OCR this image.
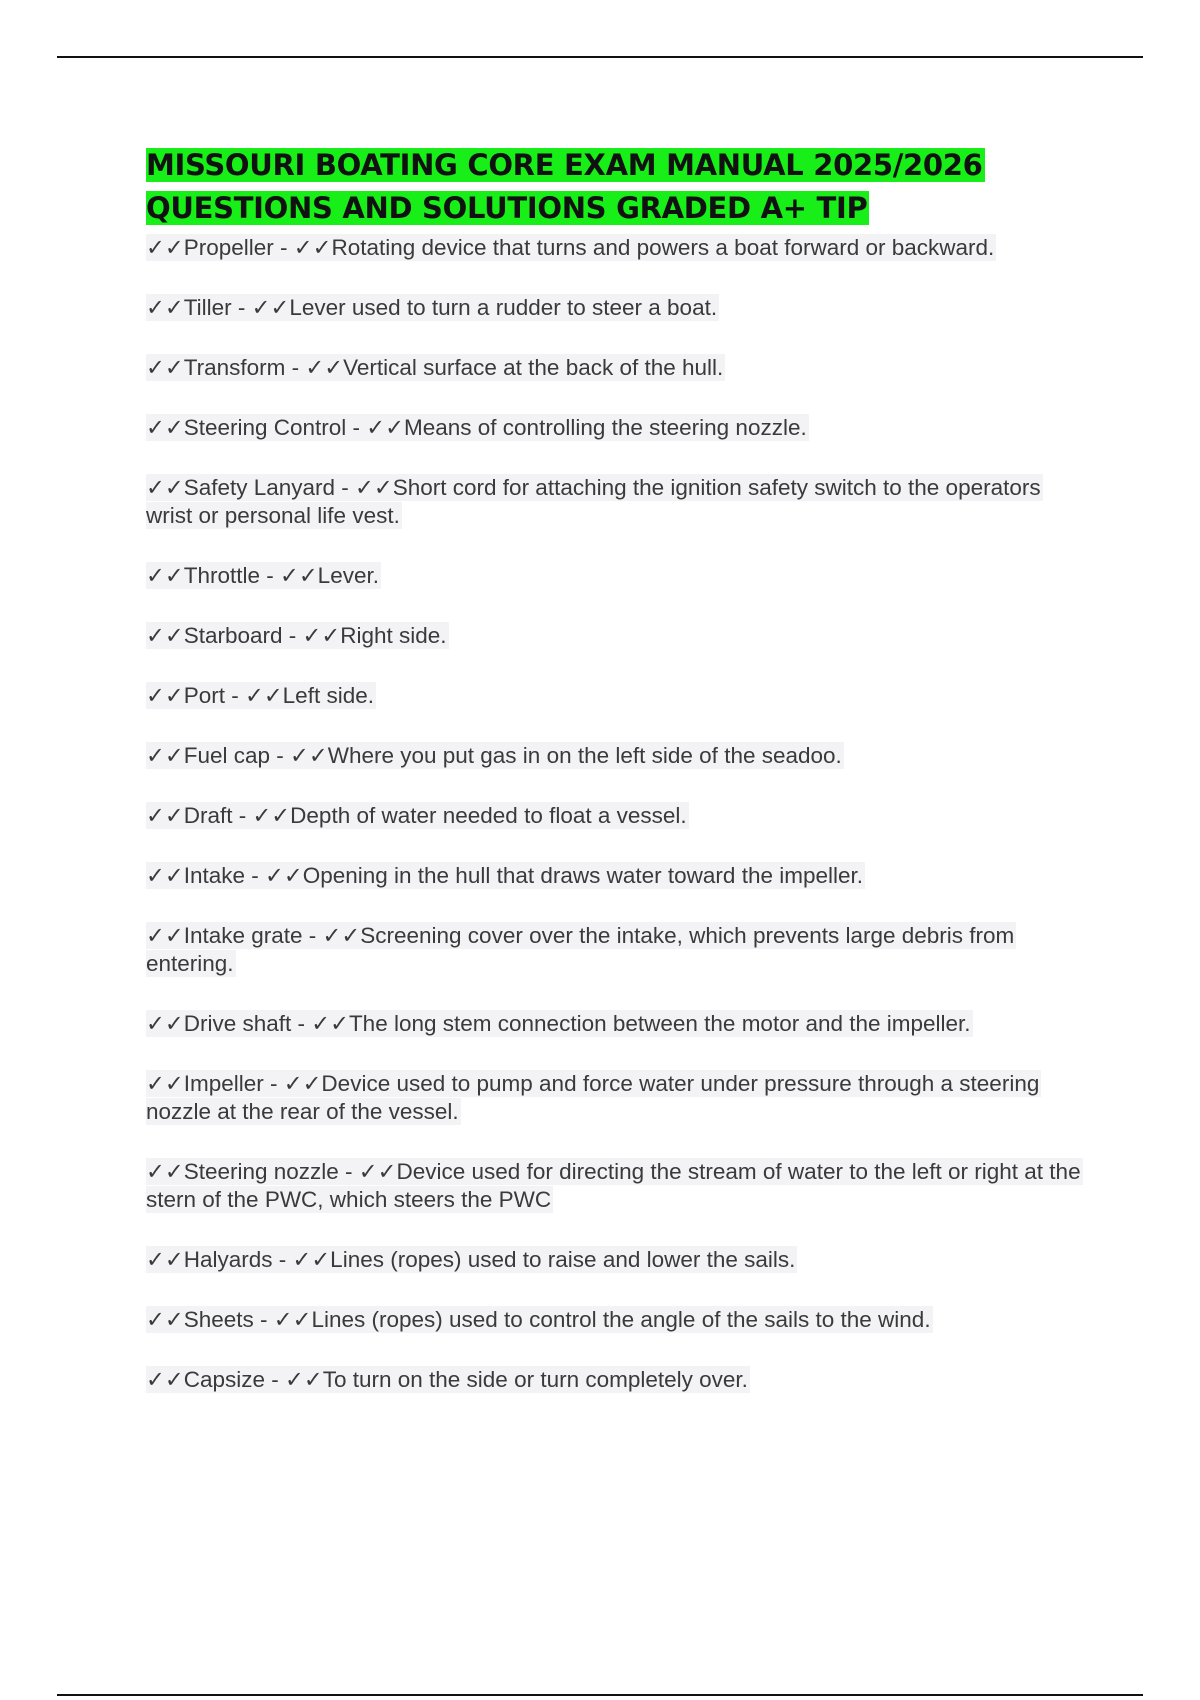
MISSOURI BOATING CORE EXAM MANUAL 2025/2026
QUESTIONS AND SOLUTIONS GRADED A+ TIP
✓✓Propeller - ✓✓Rotating device that turns and powers a boat forward or backward.
✓✓Tiller - ✓✓Lever used to turn a rudder to steer a boat.
✓✓Transform - ✓✓Vertical surface at the back of the hull.
✓✓Steering Control - ✓✓Means of controlling the steering nozzle.
✓✓Safety Lanyard - ✓✓Short cord for attaching the ignition safety switch to the operators wrist or personal life vest.
✓✓Throttle - ✓✓Lever.
✓✓Starboard - ✓✓Right side.
✓✓Port - ✓✓Left side.
✓✓Fuel cap - ✓✓Where you put gas in on the left side of the seadoo.
✓✓Draft - ✓✓Depth of water needed to float a vessel.
✓✓Intake - ✓✓Opening in the hull that draws water toward the impeller.
✓✓Intake grate - ✓✓Screening cover over the intake, which prevents large debris from entering.
✓✓Drive shaft - ✓✓The long stem connection between the motor and the impeller.
✓✓Impeller - ✓✓Device used to pump and force water under pressure through a steering nozzle at the rear of the vessel.
✓✓Steering nozzle - ✓✓Device used for directing the stream of water to the left or right at the stern of the PWC, which steers the PWC
✓✓Halyards - ✓✓Lines (ropes) used to raise and lower the sails.
✓✓Sheets - ✓✓Lines (ropes) used to control the angle of the sails to the wind.
✓✓Capsize - ✓✓To turn on the side or turn completely over.
